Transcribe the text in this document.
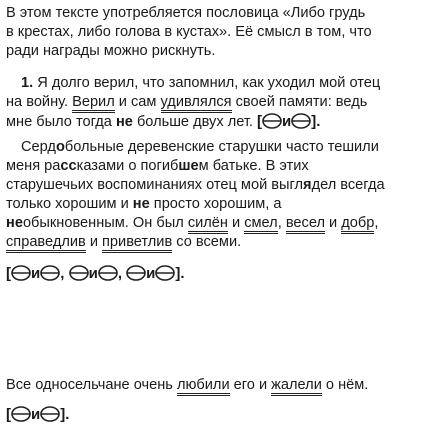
В этом тексте употребляется пословица «Либо грудь
в крестах, либо голова в кустах». Её смысл в том, что
ради награды можно рискнуть.
1. Я долго верил, что запомнил, как уходил мой отец
на войну. Верил и сам удивлялся своей памяти: ведь
мне было тогда не больше двух лет. [ и ].
Сердобольные деревенские старушки часто тешили
меня рассказами о погибшем батьке. В этих
старушечьих воспоминаниях отец мой выглядел всегда
только хорошим и не просто хорошим, а
необыкновенным. Он был силён и смел, весел и добр,
справедлив и приветлив со всеми.
[ и , и , и ].
Все односельчане очень любили его и жалели о нём.
[ и ].
